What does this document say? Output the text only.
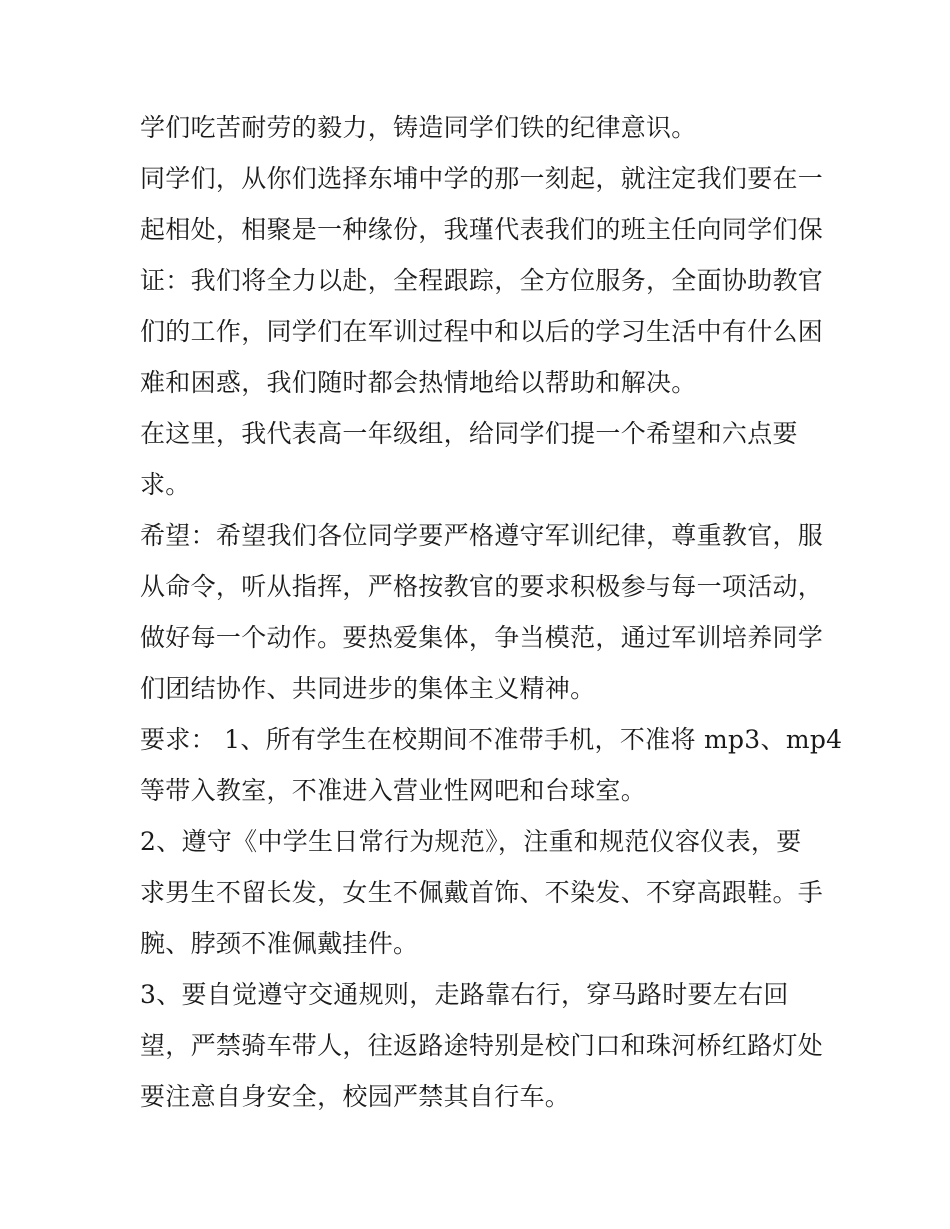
学们吃苦耐劳的毅力，铸造同学们铁的纪律意识。
同学们，从你们选择东埔中学的那一刻起，就注定我们要在一
起相处，相聚是一种缘份，我瑾代表我们的班主任向同学们保
证：我们将全力以赴，全程跟踪，全方位服务，全面协助教官
们的工作，同学们在军训过程中和以后的学习生活中有什么困
难和困惑，我们随时都会热情地给以帮助和解决。
在这里，我代表高一年级组，给同学们提一个希望和六点要
求。
希望：希望我们各位同学要严格遵守军训纪律，尊重教官，服
从命令，听从指挥，严格按教官的要求积极参与每一项活动，
做好每一个动作。要热爱集体，争当模范，通过军训培养同学
们团结协作、共同进步的集体主义精神。
要求： 1、所有学生在校期间不准带手机，不准将 mp3、mp4
等带入教室，不准进入营业性网吧和台球室。
2、遵守《中学生日常行为规范》，注重和规范仪容仪表，要
求男生不留长发，女生不佩戴首饰、不染发、不穿高跟鞋。手
腕、脖颈不准佩戴挂件。
3、要自觉遵守交通规则，走路靠右行，穿马路时要左右回
望，严禁骑车带人，往返路途特别是校门口和珠河桥红路灯处
要注意自身安全，校园严禁其自行车。
